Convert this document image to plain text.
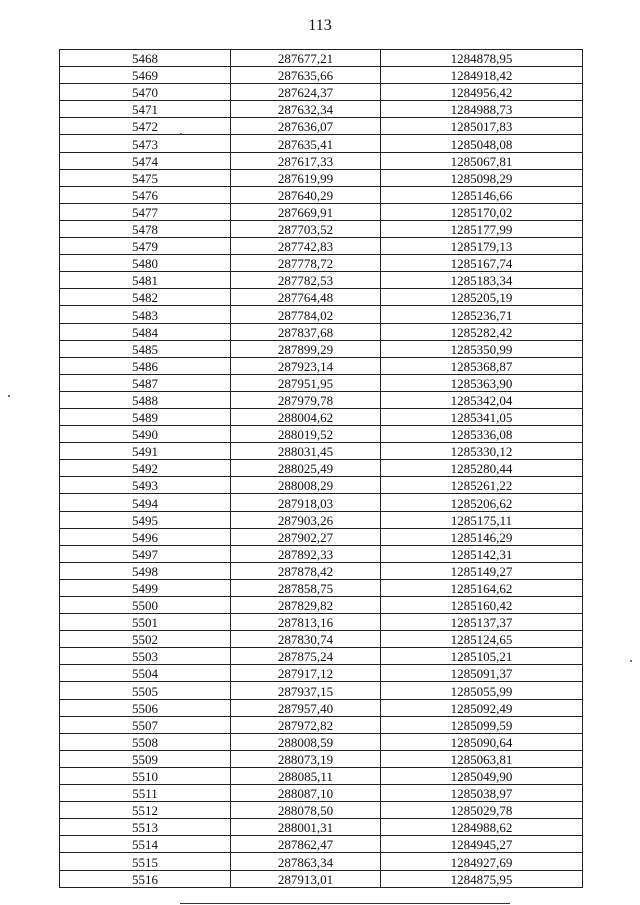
113
5468	287677,21	1284878,95
5469	287635,66	1284918,42
5470	287624,37	1284956,42
5471	287632,34	1284988,73
5472	287636,07	1285017,83
5473	287635,41	1285048,08
5474	287617,33	1285067,81
5475	287619,99	1285098,29
5476	287640,29	1285146,66
5477	287669,91	1285170,02
5478	287703,52	1285177,99
5479	287742,83	1285179,13
5480	287778,72	1285167,74
5481	287782,53	1285183,34
5482	287764,48	1285205,19
5483	287784,02	1285236,71
5484	287837,68	1285282,42
5485	287899,29	1285350,99
5486	287923,14	1285368,87
5487	287951,95	1285363,90
5488	287979,78	1285342,04
5489	288004,62	1285341,05
5490	288019,52	1285336,08
5491	288031,45	1285330,12
5492	288025,49	1285280,44
5493	288008,29	1285261,22
5494	287918,03	1285206,62
5495	287903,26	1285175,11
5496	287902,27	1285146,29
5497	287892,33	1285142,31
5498	287878,42	1285149,27
5499	287858,75	1285164,62
5500	287829,82	1285160,42
5501	287813,16	1285137,37
5502	287830,74	1285124,65
5503	287875,24	1285105,21
5504	287917,12	1285091,37
5505	287937,15	1285055,99
5506	287957,40	1285092,49
5507	287972,82	1285099,59
5508	288008,59	1285090,64
5509	288073,19	1285063,81
5510	288085,11	1285049,90
5511	288087,10	1285038,97
5512	288078,50	1285029,78
5513	288001,31	1284988,62
5514	287862,47	1284945,27
5515	287863,34	1284927,69
5516	287913,01	1284875,95
